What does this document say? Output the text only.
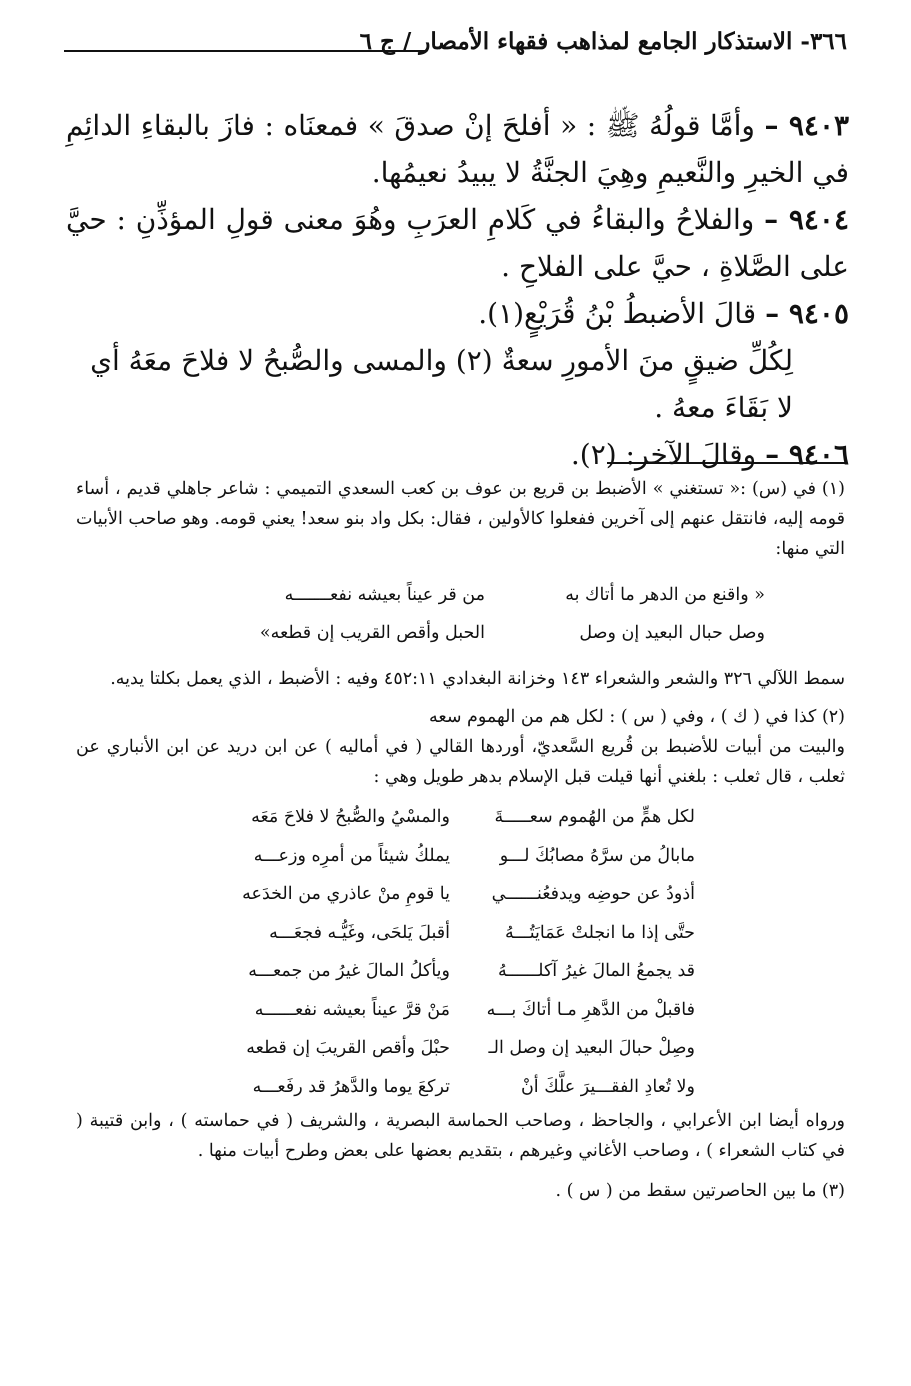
٣٦٦- الاستذكار الجامع لمذاهب فقهاء الأمصار / ج ٦

٩٤٠٣ – وأمَّا قولُهُ ﷺ : « أفلحَ إنْ صدقَ » فمعنَاه : فازَ بالبقاءِ الدائِمِ في الخيرِ والنَّعيمِ وهِيَ الجنَّةُ لا يبيدُ نعيمُها.

٩٤٠٤ – والفلاحُ والبقاءُ في كَلامِ العرَبِ وهُوَ معنى قولِ المؤذِّنِ : حيَّ على الصَّلاةِ ، حيَّ على الفلاحِ .

٩٤٠٥ – قالَ الأضبطُ بْنُ قُرَيْعٍ(١).

لِكُلِّ ضيقٍ منَ الأمورِ سعةٌ (٢) والمسى والصُّبحُ لا فلاحَ معَهُ أي لا بَقَاءَ معهُ .

٩٤٠٦ – وقالَ الآخر: (٢).

(١) في (س) :« تستغني » الأضبط بن قريع بن عوف بن كعب السعدي التميمي : شاعر جاهلي قديم ، أساء قومه إليه، فانتقل عنهم إلى آخرين ففعلوا كالأولين ، فقال: بكل واد بنو سعد! يعني قومه. وهو صاحب الأبيات التي منها:

« واقنع من الدهر ما أتاك به
من قر عيناً بعيشه نفعـــــــه
وصل حبال البعيد إن وصل
الحبل وأقص القريب إن قطعه»

سمط اللآلي ٣٢٦ والشعر والشعراء ١٤٣ وخزانة البغدادي ٤٥٢:١١ وفيه : الأضبط ، الذي يعمل بكلتا يديه.

(٢) كذا في ( ك ) ، وفي ( س ) : لكل هم من الهموم سعه

والبيت من أبيات للأضبط بن قُريع السَّعديّ، أوردها القالي ( في أماليه ) عن ابن دريد عن ابن الأنباري عن ثعلب ، قال ثعلب : بلغني أنها قيلت قبل الإسلام بدهر طويل وهي :

لكل همٍّ من الهُموم سعـــــةَ
والمسْيُ والصُّبحُ لا فلاحَ مَعَه
مابالُ من سرَّهُ مصابُكَ لـــو
يملكُ شيئاً من أمرِه وزعـــه
أذودُ عن حوضِه ويدفعُنــــــي
يا قومِ منْ عاذري من الخدَعه
حتَّى إذا ما انجلتْ عَمَايَتُـــهُ
أقبلَ يَلحَى، وغَيُّـه فجعَـــه
قد يجمعُ المالَ غيرُ آكلــــــهُ
ويأكلُ المالَ غيرُ من جمعـــه
فاقبلْ من الدَّهرِ مـا أتاكَ بـــه
مَنْ قرَّ عيناً بعيشه نفعــــــه
وصِلْ حبالَ البعيد إن وصل الـ
حبْلَ وأقص القريبَ إن قطعه
ولا تُعادِ الفقـــيرَ علَّكَ أنْ
تركعَ يوما والدَّهرُ قد رفَعـــه

ورواه أيضا ابن الأعرابي ، والجاحظ ، وصاحب الحماسة البصرية ، والشريف ( في حماسته ) ، وابن قتيبة ( في كتاب الشعراء ) ، وصاحب الأغاني وغيرهم ، بتقديم بعضها على بعض وطرح أبيات منها .

(٣) ما بين الحاصرتين سقط من ( س ) .
